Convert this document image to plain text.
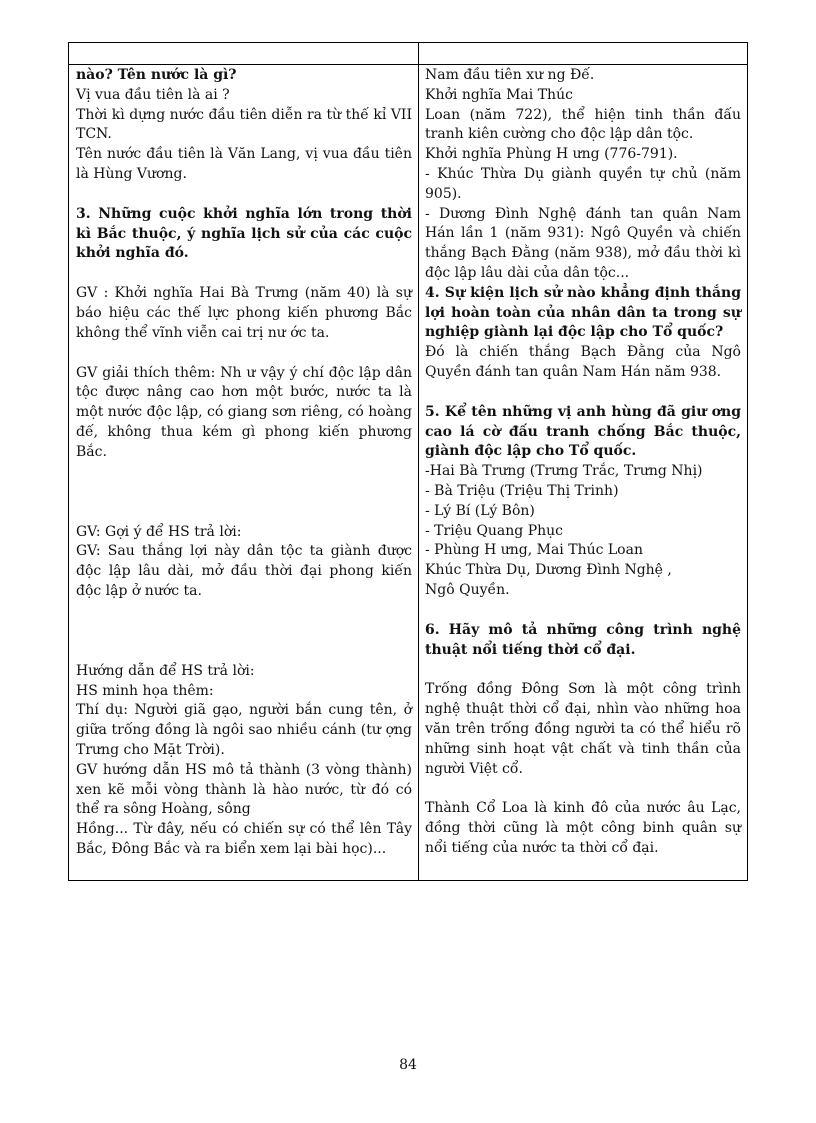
nào? Tên nước là gì?

Vị vua đầu tiên là ai ?

Thời kì dựng nước đầu tiên diễn ra từ thế kỉ VII TCN.

Tên nước đầu tiên là Văn Lang, vị vua đầu tiên là Hùng Vương.

3. Những cuộc khởi nghĩa lớn trong thời kì Bắc thuộc, ý nghĩa lịch sử của các cuộc khởi nghĩa đó.

GV : Khởi nghĩa Hai Bà Trưng (năm 40) là sự báo hiệu các thế lực phong kiến phương Bắc không thể vĩnh viễn cai trị nư ớc ta.

GV giải thích thêm: Nh ư vậy ý chí độc lập dân tộc được nâng cao hơn một bước, nước ta là một nước độc lập, có giang sơn riêng, có hoàng đế, không thua kém gì phong kiến phương Bắc.

GV: Gợi ý để HS trả lời:

GV: Sau thắng lợi này dân tộc ta giành được độc lập lâu dài, mở đầu thời đại phong kiến độc lập ở nước ta.

Hướng dẫn để HS trả lời:

HS minh họa thêm:

Thí dụ: Người giã gạo, người bắn cung tên, ở giữa trống đồng là ngôi sao nhiều cánh (tư ợng Trưng cho Mặt Trời).

GV hướng dẫn HS mô tả thành (3 vòng thành) xen kẽ mỗi vòng thành là hào nước, từ đó có thể ra sông Hoàng, sông

Hồng... Từ đây, nếu có chiến sự có thể lên Tây Bắc, Đông Bắc và ra biển xem lại bài học)...

Nam đầu tiên xư ng Đế.

Khởi nghĩa Mai Thúc

Loan (năm 722), thể hiện tinh thần đấu tranh kiên cường cho độc lập dân tộc.

Khởi nghĩa Phùng H ưng (776-791).

- Khúc Thừa Dụ giành quyền tự chủ (năm 905).

- Dương Đình Nghệ đánh tan quân Nam Hán lần 1 (năm 931): Ngô Quyền và chiến thắng Bạch Đằng (năm 938), mở đầu thời kì độc lập lâu dài của dân tộc...

4. Sự kiện lịch sử nào khẳng định thắng lợi hoàn toàn của nhân dân ta trong sự nghiệp giành lại độc lập cho Tổ quốc?

Đó là chiến thắng Bạch Đằng của Ngô Quyền đánh tan quân Nam Hán năm 938.

5. Kể tên những vị anh hùng đã giư ơng cao lá cờ đấu tranh chống Bắc thuộc, giành độc lập cho Tổ quốc.

-Hai Bà Trưng (Trưng Trắc, Trưng Nhị)

- Bà Triệu (Triệu Thị Trinh)

- Lý Bí (Lý Bôn)

- Triệu Quang Phục

- Phùng H ưng, Mai Thúc Loan

Khúc Thừa Dụ, Dương Đình Nghệ ,

Ngô Quyền.

6. Hãy mô tả những công trình nghệ thuật nổi tiếng thời cổ đại.

Trống đồng Đông Sơn là một công trình nghệ thuật thời cổ đại, nhìn vào những hoa văn trên trống đồng người ta có thể hiểu rõ những sinh hoạt vật chất và tinh thần của người Việt cổ.

Thành Cổ Loa là kinh đô của nước âu Lạc, đồng thời cũng là một công binh quân sự nổi tiếng của nước ta thời cổ đại.

84
